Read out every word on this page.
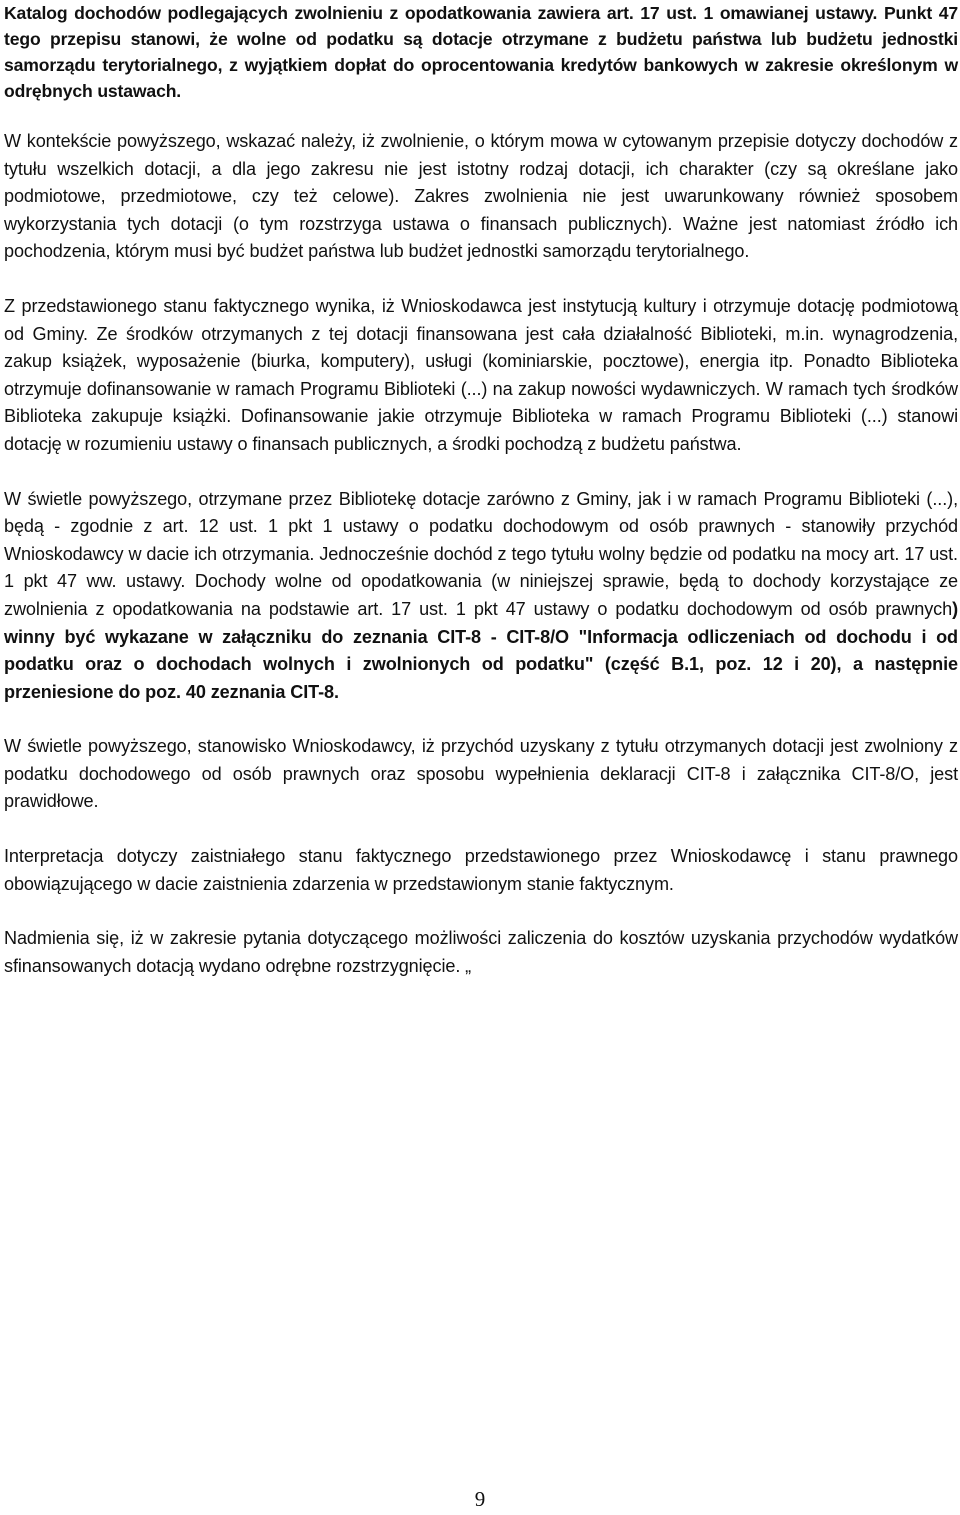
Katalog dochodów podlegających zwolnieniu z opodatkowania zawiera art. 17 ust. 1 omawianej ustawy. Punkt 47 tego przepisu stanowi, że wolne od podatku są dotacje otrzymane z budżetu państwa lub budżetu jednostki samorządu terytorialnego, z wyjątkiem dopłat do oprocentowania kredytów bankowych w zakresie określonym w odrębnych ustawach.

W kontekście powyższego, wskazać należy, iż zwolnienie, o którym mowa w cytowanym przepisie dotyczy dochodów z tytułu wszelkich dotacji, a dla jego zakresu nie jest istotny rodzaj dotacji, ich charakter (czy są określane jako podmiotowe, przedmiotowe, czy też celowe). Zakres zwolnienia nie jest uwarunkowany również sposobem wykorzystania tych dotacji (o tym rozstrzyga ustawa o finansach publicznych). Ważne jest natomiast źródło ich pochodzenia, którym musi być budżet państwa lub budżet jednostki samorządu terytorialnego.

Z przedstawionego stanu faktycznego wynika, iż Wnioskodawca jest instytucją kultury i otrzymuje dotację podmiotową od Gminy. Ze środków otrzymanych z tej dotacji finansowana jest cała działalność Biblioteki, m.in. wynagrodzenia, zakup książek, wyposażenie (biurka, komputery), usługi (kominiarskie, pocztowe), energia itp. Ponadto Biblioteka otrzymuje dofinansowanie w ramach Programu Biblioteki (...) na zakup nowości wydawniczych. W ramach tych środków Biblioteka zakupuje książki. Dofinansowanie jakie otrzymuje Biblioteka w ramach Programu Biblioteki (...) stanowi dotację w rozumieniu ustawy o finansach publicznych, a środki pochodzą z budżetu państwa.

W świetle powyższego, otrzymane przez Bibliotekę dotacje zarówno z Gminy, jak i w ramach Programu Biblioteki (...), będą - zgodnie z art. 12 ust. 1 pkt 1 ustawy o podatku dochodowym od osób prawnych - stanowiły przychód Wnioskodawcy w dacie ich otrzymania. Jednocześnie dochód z tego tytułu wolny będzie od podatku na mocy art. 17 ust. 1 pkt 47 ww. ustawy. Dochody wolne od opodatkowania (w niniejszej sprawie, będą to dochody korzystające ze zwolnienia z opodatkowania na podstawie art. 17 ust. 1 pkt 47 ustawy o podatku dochodowym od osób prawnych) winny być wykazane w załączniku do zeznania CIT-8 - CIT-8/O "Informacja odliczeniach od dochodu i od podatku oraz o dochodach wolnych i zwolnionych od podatku" (część B.1, poz. 12 i 20), a następnie przeniesione do poz. 40 zeznania CIT-8.

W świetle powyższego, stanowisko Wnioskodawcy, iż przychód uzyskany z tytułu otrzymanych dotacji jest zwolniony z podatku dochodowego od osób prawnych oraz sposobu wypełnienia deklaracji CIT-8 i załącznika CIT-8/O, jest prawidłowe.

Interpretacja dotyczy zaistniałego stanu faktycznego przedstawionego przez Wnioskodawcę i stanu prawnego obowiązującego w dacie zaistnienia zdarzenia w przedstawionym stanie faktycznym.

Nadmienia się, iż w zakresie pytania dotyczącego możliwości zaliczenia do kosztów uzyskania przychodów wydatków sfinansowanych dotacją wydano odrębne rozstrzygnięcie. „

9
